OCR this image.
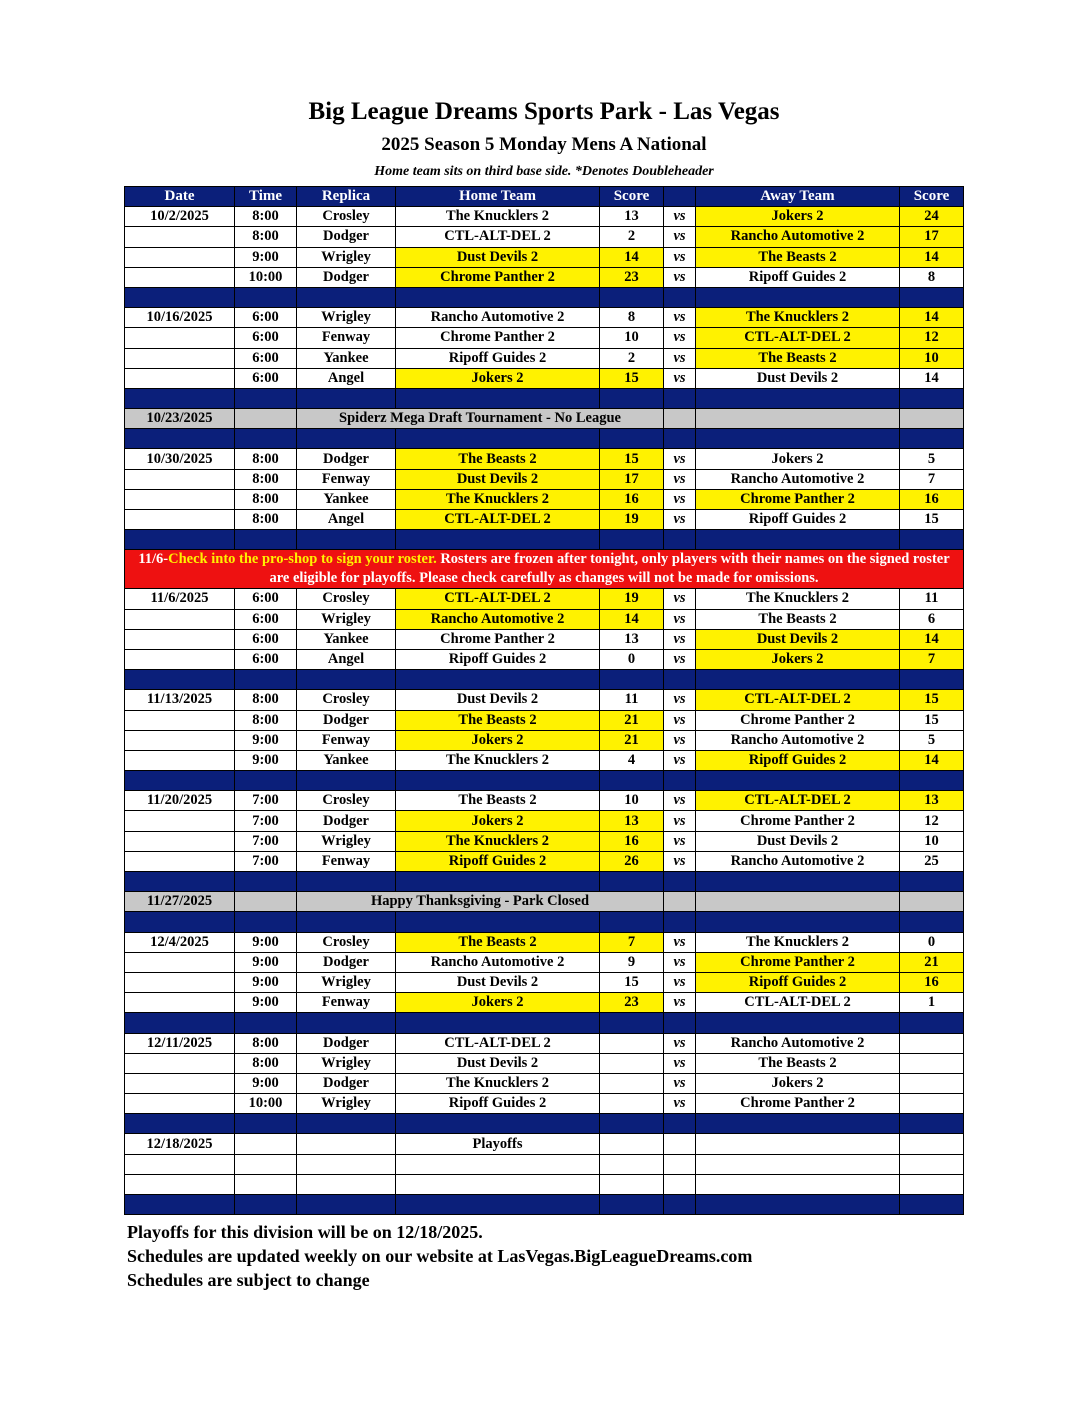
Big League Dreams Sports Park - Las Vegas
2025 Season 5 Monday Mens A National
Home team sits on third base side. *Denotes Doubleheader
Date	Time	Replica	Home Team	Score		Away Team	Score
10/2/2025	8:00	Crosley	The Knucklers 2	13	vs	Jokers 2	24
	8:00	Dodger	CTL-ALT-DEL 2	2	vs	Rancho Automotive 2	17
	9:00	Wrigley	Dust Devils 2	14	vs	The Beasts 2	14
	10:00	Dodger	Chrome Panther 2	23	vs	Ripoff Guides 2	8

10/16/2025	6:00	Wrigley	Rancho Automotive 2	8	vs	The Knucklers 2	14
	6:00	Fenway	Chrome Panther 2	10	vs	CTL-ALT-DEL 2	12
	6:00	Yankee	Ripoff Guides 2	2	vs	The Beasts 2	10
	6:00	Angel	Jokers 2	15	vs	Dust Devils 2	14

10/23/2025		Spiderz Mega Draft Tournament - No League					

10/30/2025	8:00	Dodger	The Beasts 2	15	vs	Jokers 2	5
	8:00	Fenway	Dust Devils 2	17	vs	Rancho Automotive 2	7
	8:00	Yankee	The Knucklers 2	16	vs	Chrome Panther 2	16
	8:00	Angel	CTL-ALT-DEL 2	19	vs	Ripoff Guides 2	15

11/6-Check into the pro-shop to sign your roster. Rosters are frozen after tonight, only players with their names on the signed roster are eligible for playoffs. Please check carefully as changes will not be made for omissions.							
11/6/2025	6:00	Crosley	CTL-ALT-DEL 2	19	vs	The Knucklers 2	11
	6:00	Wrigley	Rancho Automotive 2	14	vs	The Beasts 2	6
	6:00	Yankee	Chrome Panther 2	13	vs	Dust Devils 2	14
	6:00	Angel	Ripoff Guides 2	0	vs	Jokers 2	7

11/13/2025	8:00	Crosley	Dust Devils 2	11	vs	CTL-ALT-DEL 2	15
	8:00	Dodger	The Beasts 2	21	vs	Chrome Panther 2	15
	9:00	Fenway	Jokers 2	21	vs	Rancho Automotive 2	5
	9:00	Yankee	The Knucklers 2	4	vs	Ripoff Guides 2	14

11/20/2025	7:00	Crosley	The Beasts 2	10	vs	CTL-ALT-DEL 2	13
	7:00	Dodger	Jokers 2	13	vs	Chrome Panther 2	12
	7:00	Wrigley	The Knucklers 2	16	vs	Dust Devils 2	10
	7:00	Fenway	Ripoff Guides 2	26	vs	Rancho Automotive 2	25

11/27/2025		Happy Thanksgiving - Park Closed					

12/4/2025	9:00	Crosley	The Beasts 2	7	vs	The Knucklers 2	0
	9:00	Dodger	Rancho Automotive 2	9	vs	Chrome Panther 2	21
	9:00	Wrigley	Dust Devils 2	15	vs	Ripoff Guides 2	16
	9:00	Fenway	Jokers 2	23	vs	CTL-ALT-DEL 2	1

12/11/2025	8:00	Dodger	CTL-ALT-DEL 2		vs	Rancho Automotive 2	
	8:00	Wrigley	Dust Devils 2		vs	The Beasts 2	
	9:00	Dodger	The Knucklers 2		vs	Jokers 2	
	10:00	Wrigley	Ripoff Guides 2		vs	Chrome Panther 2	

12/18/2025			Playoffs				

Playoffs for this division will be on 12/18/2025.
Schedules are updated weekly on our website at LasVegas.BigLeagueDreams.com
Schedules are subject to change
